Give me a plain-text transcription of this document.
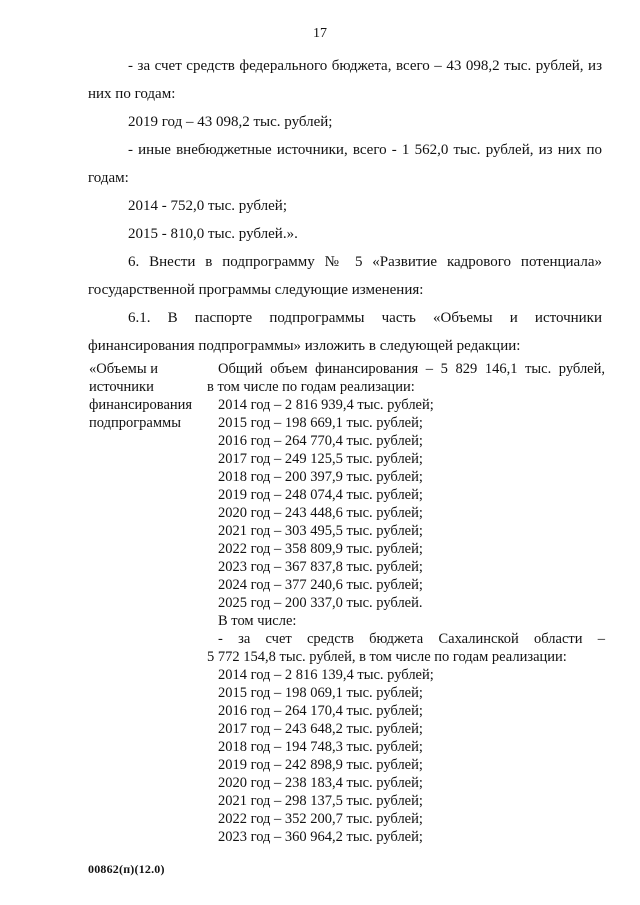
17
- за счет средств федерального бюджета, всего – 43 098,2 тыс. рублей, из
них по годам:
2019 год – 43 098,2 тыс. рублей;
- иные внебюджетные источники, всего - 1 562,0 тыс. рублей, из них по
годам:
2014 - 752,0 тыс. рублей;
2015 - 810,0 тыс. рублей.».
6. Внести в подпрограмму № 5 «Развитие кадрового потенциала»
государственной программы следующие изменения:
6.1. В паспорте подпрограммы часть «Объемы и источники
финансирования подпрограммы» изложить в следующей редакции:
«Объемы и
источники
финансирования
подпрограммы
Общий объем финансирования – 5 829 146,1 тыс. рублей,
в том числе по годам реализации:
2014 год – 2 816 939,4 тыс. рублей;
2015 год – 198 669,1 тыс. рублей;
2016 год – 264 770,4 тыс. рублей;
2017 год – 249 125,5 тыс. рублей;
2018 год – 200 397,9 тыс. рублей;
2019 год – 248 074,4 тыс. рублей;
2020 год – 243 448,6 тыс. рублей;
2021 год – 303 495,5 тыс. рублей;
2022 год – 358 809,9 тыс. рублей;
2023 год – 367 837,8 тыс. рублей;
2024 год – 377 240,6 тыс. рублей;
2025 год – 200 337,0 тыс. рублей.
В том числе:
- за счет средств бюджета Сахалинской области –
5 772 154,8 тыс. рублей, в том числе по годам реализации:
2014 год – 2 816 139,4 тыс. рублей;
2015 год – 198 069,1 тыс. рублей;
2016 год – 264 170,4 тыс. рублей;
2017 год – 243 648,2 тыс. рублей;
2018 год – 194 748,3 тыс. рублей;
2019 год – 242 898,9 тыс. рублей;
2020 год – 238 183,4 тыс. рублей;
2021 год – 298 137,5 тыс. рублей;
2022 год – 352 200,7 тыс. рублей;
2023 год – 360 964,2 тыс. рублей;
00862(п)(12.0)
